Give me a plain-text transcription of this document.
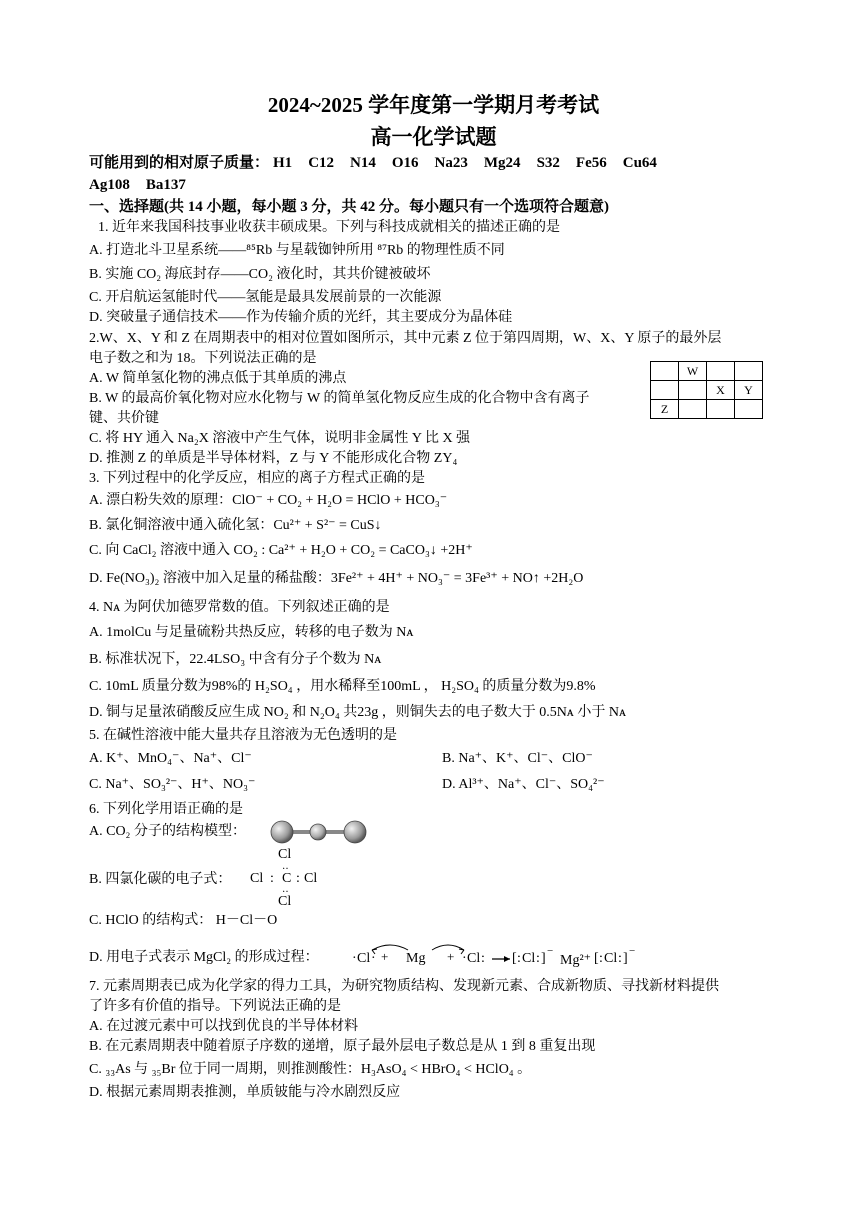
2024~2025 学年度第一学期月考考试
高一化学试题
可能用到的相对原子质量： H1 C12 N14 O16 Na23 Mg24 S32 Fe56 Cu64
Ag108 Ba137
一、选择题(共 14 小题，每小题 3 分，共 42 分。每小题只有一个选项符合题意)
1. 近年来我国科技事业收获丰硕成果。下列与科技成就相关的描述正确的是
A. 打造北斗卫星系统——⁸⁵Rb 与星载铷钟所用 ⁸⁷Rb 的物理性质不同
B. 实施 CO₂ 海底封存——CO₂ 液化时，其共价键被破坏
C. 开启航运氢能时代——氢能是最具发展前景的一次能源
D. 突破量子通信技术——作为传输介质的光纤，其主要成分为晶体硅
2.W、X、Y 和 Z 在周期表中的相对位置如图所示，其中元素 Z 位于第四周期，W、X、Y 原子的最外层
电子数之和为 18。下列说法正确的是
A. W 简单氢化物的沸点低于其单质的沸点
B. W 的最高价氧化物对应水化物与 W 的简单氢化物反应生成的化合物中含有离子
键、共价键
C. 将 HY 通入 Na₂X 溶液中产生气体，说明非金属性 Y 比 X 强
D. 推测 Z 的单质是半导体材料，Z 与 Y 不能形成化合物 ZY₄
	W		
		X	Y
Z			
3. 下列过程中的化学反应，相应的离子方程式正确的是
A. 漂白粉失效的原理：ClO⁻ + CO₂ + H₂O = HClO + HCO₃⁻
B. 氯化铜溶液中通入硫化氢：Cu²⁺ + S²⁻ = CuS↓
C. 向 CaCl₂ 溶液中通入 CO₂ : Ca²⁺ + H₂O + CO₂ = CaCO₃↓ +2H⁺
D. Fe(NO₃)₂ 溶液中加入足量的稀盐酸：3Fe²⁺ + 4H⁺ + NO₃⁻ = 3Fe³⁺ + NO↑ +2H₂O
4. Nᴀ 为阿伏加德罗常数的值。下列叙述正确的是
A. 1molCu 与足量硫粉共热反应，转移的电子数为 Nᴀ
B. 标准状况下，22.4LSO₃ 中含有分子个数为 Nᴀ
C. 10mL 质量分数为98%的 H₂SO₄ ，用水稀释至100mL ， H₂SO₄ 的质量分数为9.8%
D. 铜与足量浓硝酸反应生成 NO₂ 和 N₂O₄ 共23g ，则铜失去的电子数大于 0.5Nᴀ 小于 Nᴀ
5. 在碱性溶液中能大量共存且溶液为无色透明的是
A. K⁺、MnO₄⁻、Na⁺、Cl⁻	B. Na⁺、K⁺、Cl⁻、ClO⁻
C. Na⁺、SO₃²⁻、H⁺、NO₃⁻	D. Al³⁺、Na⁺、Cl⁻、SO₄²⁻
6. 下列化学用语正确的是
A. CO₂ 分子的结构模型：
B. 四氯化碳的电子式：
Cl
‥
Cl : C : Cl
‥
Cl
C. HClO 的结构式： H－Cl－O
D. 用电子式表示 MgCl₂ 的形成过程： · Cl · + Mg + · Cl : [ : Cl : ] −
Mg²⁺ [ : Cl : ] −
7. 元素周期表已成为化学家的得力工具，为研究物质结构、发现新元素、合成新物质、寻找新材料提供
了许多有价值的指导。下列说法正确的是
A. 在过渡元素中可以找到优良的半导体材料
B. 在元素周期表中随着原子序数的递增，原子最外层电子数总是从 1 到 8 重复出现
C. ₃₃As 与 ₃₅Br 位于同一周期，则推测酸性：H₃AsO₄ < HBrO₄ < HClO₄ 。
D. 根据元素周期表推测，单质铍能与冷水剧烈反应
